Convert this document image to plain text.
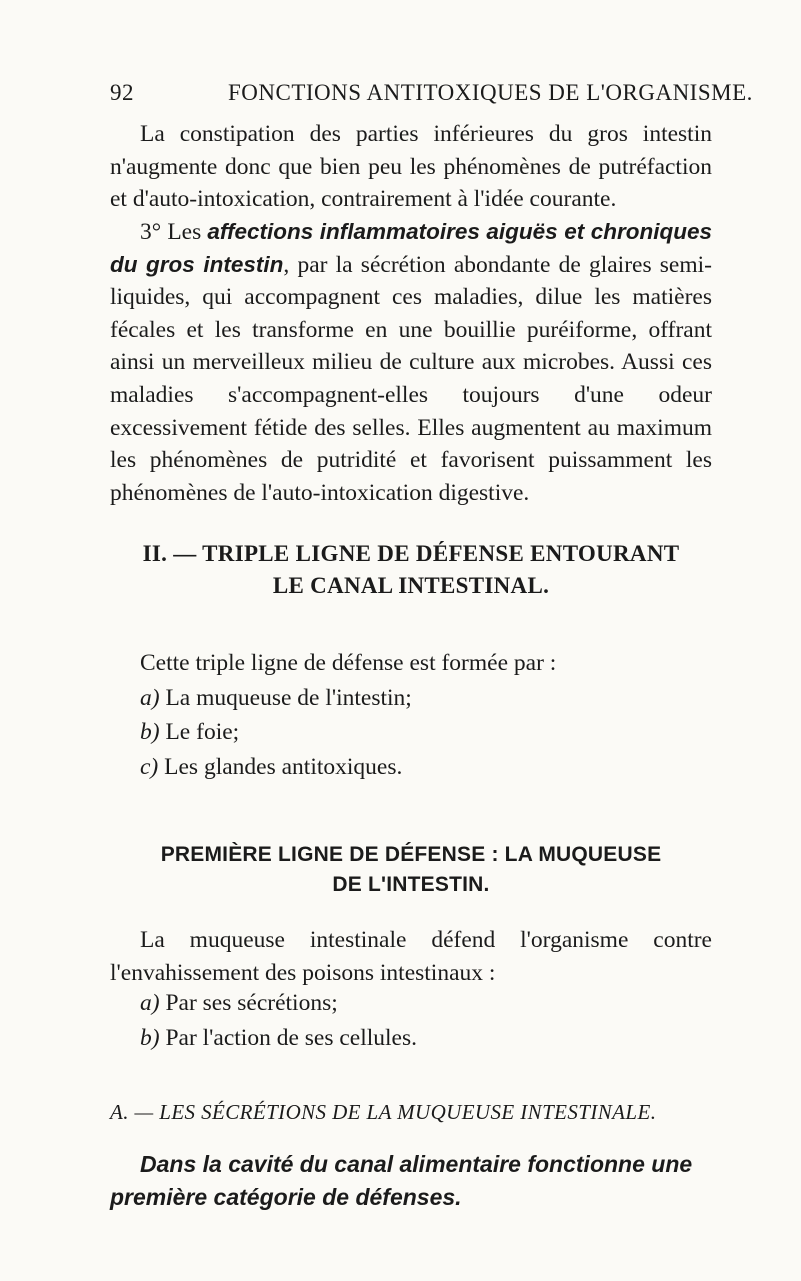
92	FONCTIONS ANTITOXIQUES DE L'ORGANISME.
La constipation des parties inférieures du gros intestin n'augmente donc que bien peu les phénomènes de putréfaction et d'auto-intoxication, contrairement à l'idée courante.
3° Les affections inflammatoires aiguës et chroniques du gros intestin, par la sécrétion abondante de glaires semi-liquides, qui accompagnent ces maladies, dilue les matières fécales et les transforme en une bouillie puréiforme, offrant ainsi un merveilleux milieu de culture aux microbes. Aussi ces maladies s'accompagnent-elles toujours d'une odeur excessivement fétide des selles. Elles augmentent au maximum les phénomènes de putridité et favorisent puissamment les phénomènes de l'auto-intoxication digestive.
II. — TRIPLE LIGNE DE DÉFENSE ENTOURANT
LE CANAL INTESTINAL.
Cette triple ligne de défense est formée par :
a) La muqueuse de l'intestin;
b) Le foie;
c) Les glandes antitoxiques.
PREMIÈRE LIGNE DE DÉFENSE : LA MUQUEUSE
DE L'INTESTIN.
La muqueuse intestinale défend l'organisme contre l'envahissement des poisons intestinaux :
a) Par ses sécrétions;
b) Par l'action de ses cellules.
A. — LES SÉCRÉTIONS DE LA MUQUEUSE INTESTINALE.
Dans la cavité du canal alimentaire fonctionne une
première catégorie de défenses.
